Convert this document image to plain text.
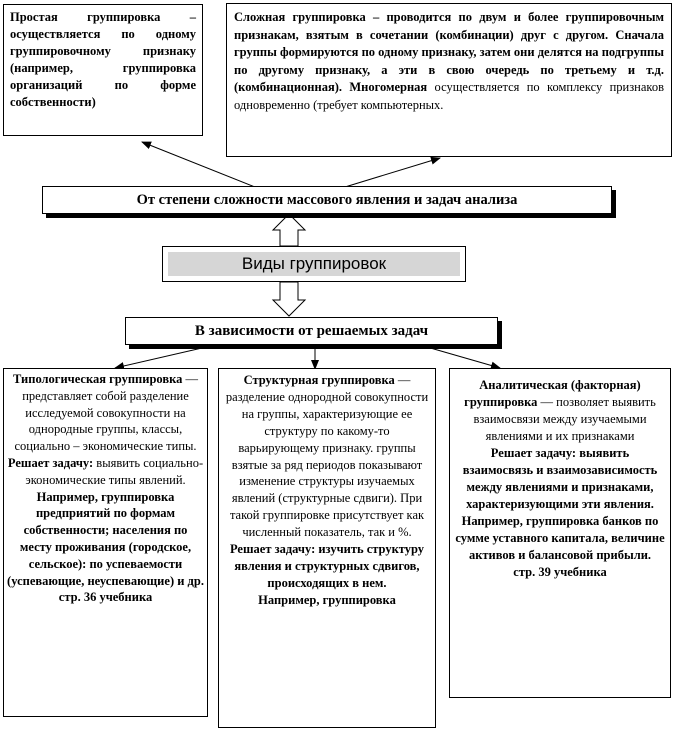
Простая группировка – осуществляется по одному группировочному признаку (например, группировка организаций по форме собственности)

Сложная группировка – проводится по двум и более группировочным признакам, взятым в сочетании (комбинации) друг с другом. Сначала группы формируются по одному признаку, затем они делятся на подгруппы по другому признаку, а эти в свою очередь по третьему и т.д. (комбинационная). Многомерная осуществляется по комплексу признаков одновременно (требует компьютерных.

От степени сложности массового явления и задач анализа
Виды группировок
В зависимости от решаемых задач

Типологическая группировка — представляет собой разделение исследуемой совокупности на однородные группы, классы, социально – экономические типы.

Решает задачу: выявить социально-экономические типы явлений.

Например, группировка предприятий по формам собственности; населения по месту проживания (городское, сельское): по успеваемости (успевающие, неуспевающие) и др.

стр. 36 учебника

Структурная группировка — разделение однородной совокупности на группы, характеризующие ее структуру по какому-то варьирующему признаку. группы взятые за ряд периодов показывают изменение структуры изучаемых явлений (структурные сдвиги). При такой группировке присутствует как численный показатель, так и %.

Решает задачу: изучить структуру явления и структурных сдвигов, происходящих в нем.

Например, группировка

Аналитическая (факторная) группировка — позволяет выявить взаимосвязи между изучаемыми явлениями и их признаками

Решает задачу: выявить взаимосвязь и взаимозависимость между явлениями и признаками, характеризующими эти явления.

Например, группировка банков по сумме уставного капитала, величине активов и балансовой прибыли.

стр. 39 учебника
